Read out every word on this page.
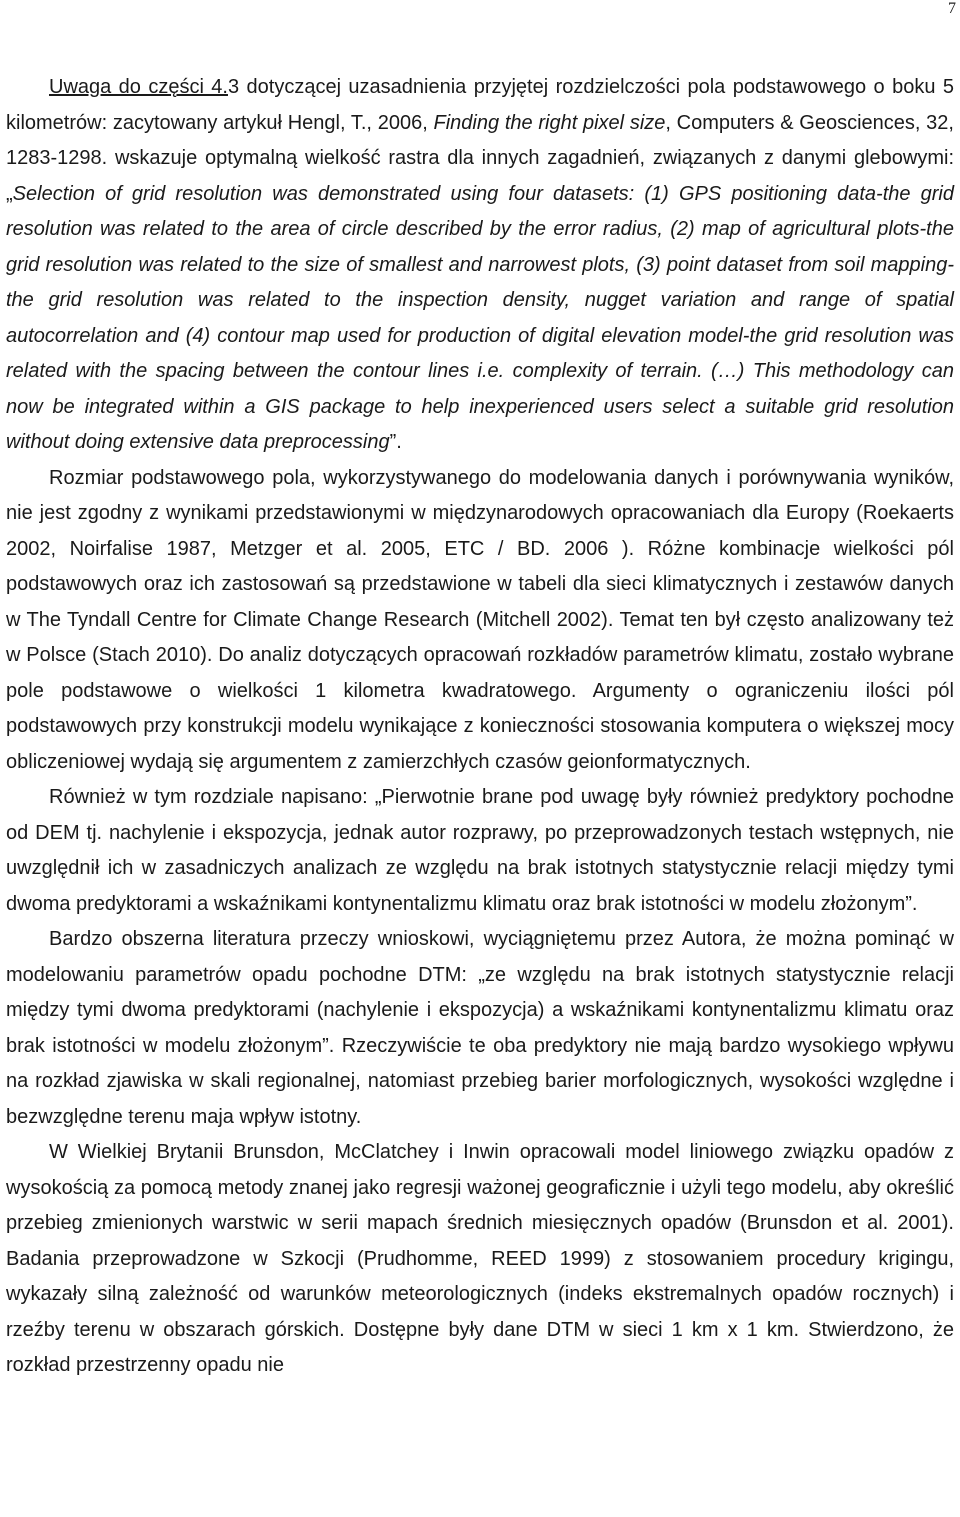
7

Uwaga do części 4.3 dotyczącej uzasadnienia przyjętej rozdzielczości pola podstawowego o boku 5 kilometrów: zacytowany artykuł Hengl, T., 2006, Finding the right pixel size, Computers & Geosciences, 32, 1283-1298. wskazuje optymalną wielkość rastra dla innych zagadnień, związanych z danymi glebowymi: „Selection of grid resolution was demonstrated using four datasets: (1) GPS positioning data-the grid resolution was related to the area of circle described by the error radius, (2) map of agricultural plots-the grid resolution was related to the size of smallest and narrowest plots, (3) point dataset from soil mapping-the grid resolution was related to the inspection density, nugget variation and range of spatial autocorrelation and (4) contour map used for production of digital elevation model-the grid resolution was related with the spacing between the contour lines i.e. complexity of terrain. (…) This methodology can now be integrated within a GIS package to help inexperienced users select a suitable grid resolution without doing extensive data preprocessing”.

Rozmiar podstawowego pola, wykorzystywanego do modelowania danych i porównywania wyników, nie jest zgodny z wynikami przedstawionymi w międzynarodowych opracowaniach dla Europy (Roekaerts 2002, Noirfalise 1987, Metzger et al. 2005, ETC / BD. 2006 ). Różne kombinacje wielkości pól podstawowych oraz ich zastosowań są przedstawione w tabeli dla sieci klimatycznych i zestawów danych w The Tyndall Centre for Climate Change Research (Mitchell 2002). Temat ten był często analizowany też w Polsce (Stach 2010). Do analiz dotyczących opracowań rozkładów parametrów klimatu, zostało wybrane pole podstawowe o wielkości 1 kilometra kwadratowego. Argumenty o ograniczeniu ilości pól podstawowych przy konstrukcji modelu wynikające z konieczności stosowania komputera o większej mocy obliczeniowej wydają się argumentem z zamierzchłych czasów geionformatycznych.

Również w tym rozdziale napisano: „Pierwotnie brane pod uwagę były również predyktory pochodne od DEM tj. nachylenie i ekspozycja, jednak autor rozprawy, po przeprowadzonych testach wstępnych, nie uwzględnił ich w zasadniczych analizach ze względu na brak istotnych statystycznie relacji między tymi dwoma predyktorami a wskaźnikami kontynentalizmu klimatu oraz brak istotności w modelu złożonym”.

Bardzo obszerna literatura przeczy wnioskowi, wyciągniętemu przez Autora, że można pominąć w modelowaniu parametrów opadu pochodne DTM: „ze względu na brak istotnych statystycznie relacji między tymi dwoma predyktorami (nachylenie i ekspozycja) a wskaźnikami kontynentalizmu klimatu oraz brak istotności w modelu złożonym”. Rzeczywiście te oba predyktory nie mają bardzo wysokiego wpływu na rozkład zjawiska w skali regionalnej, natomiast przebieg barier morfologicznych, wysokości względne i bezwzględne terenu maja wpływ istotny.

W Wielkiej Brytanii Brunsdon, McClatchey i Inwin opracowali model liniowego związku opadów z wysokością za pomocą metody znanej jako regresji ważonej geograficznie i użyli tego modelu, aby określić przebieg zmienionych warstwic w serii mapach średnich miesięcznych opadów (Brunsdon et al. 2001). Badania przeprowadzone w Szkocji (Prudhomme, REED 1999) z stosowaniem procedury krigingu, wykazały silną zależność od warunków meteorologicznych (indeks ekstremalnych opadów rocznych) i rzeźby terenu w obszarach górskich. Dostępne były dane DTM w sieci 1 km x 1 km. Stwierdzono, że rozkład przestrzenny opadu nie
